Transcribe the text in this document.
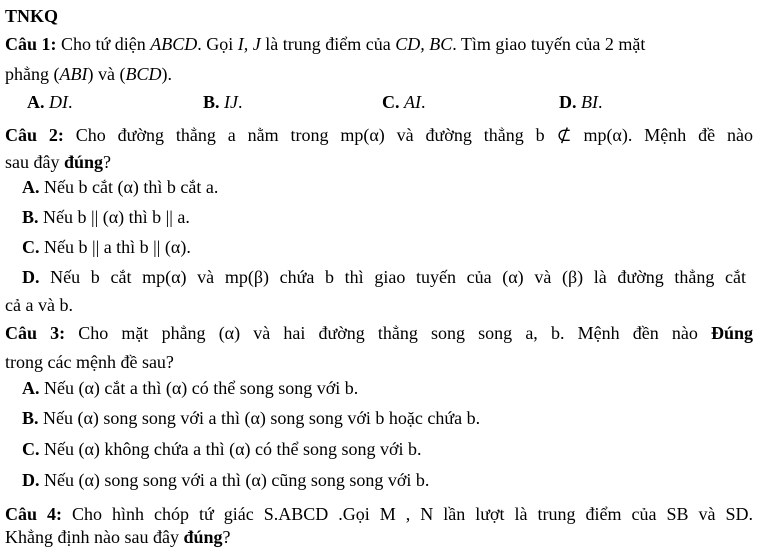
TNKQ
Câu 1: Cho tứ diện ABCD. Gọi I, J là trung điểm của CD, BC. Tìm giao tuyến của 2 mặt
phẳng (ABI) và (BCD).
A. DI.	B. IJ.	C. AI.	D. BI.
Câu 2: Cho đường thẳng a nằm trong mp(α) và đường thẳng b ⊄ mp(α). Mệnh đề nào
sau đây đúng?
A. Nếu b cắt (α) thì b cắt a.
B. Nếu b || (α) thì b || a.
C. Nếu b || a thì b || (α).
D. Nếu b cắt mp(α) và mp(β) chứa b thì giao tuyến của (α) và (β) là đường thẳng cắt
cả a và b.
Câu 3: Cho mặt phẳng (α) và hai đường thẳng song song a, b. Mệnh đền nào Đúng
trong các mệnh đề sau?
A. Nếu (α) cắt a thì (α) có thể song song với b.
B. Nếu (α) song song với a thì (α) song song với b hoặc chứa b.
C. Nếu (α) không chứa a thì (α) có thể song song với b.
D. Nếu (α) song song với a thì (α) cũng song song với b.
Câu 4: Cho hình chóp tứ giác S.ABCD .Gọi M , N lần lượt là trung điểm của SB và SD.
Khẳng định nào sau đây đúng?
